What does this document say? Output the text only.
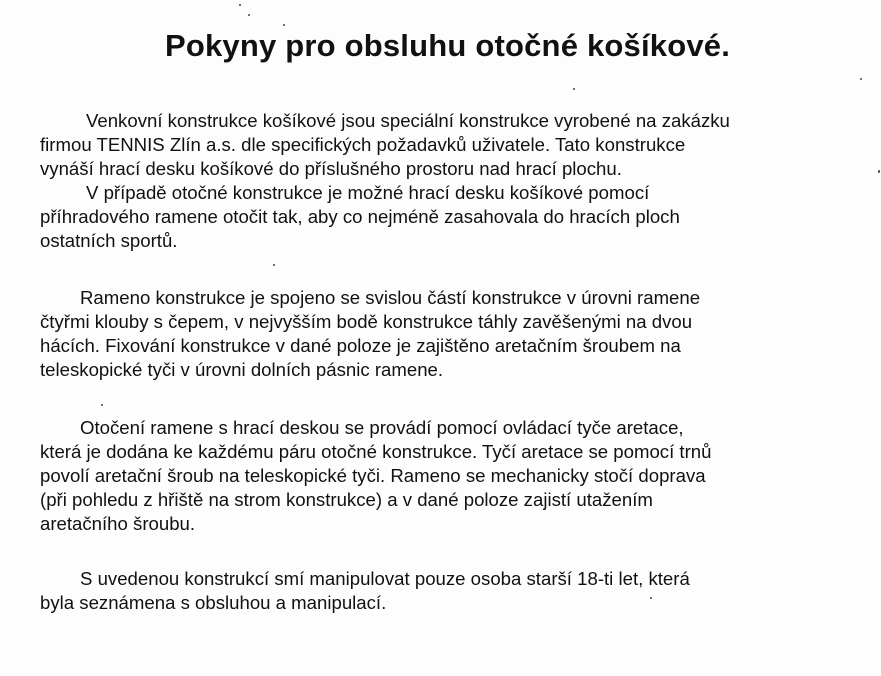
Pokyny pro obsluhu otočné košíkové.

Venkovní konstrukce košíkové jsou speciální konstrukce vyrobené na zakázku

firmou TENNIS Zlín a.s. dle specifických požadavků uživatele. Tato konstrukce

vynáší hrací desku košíkové do příslušného prostoru nad hrací plochu.

V případě otočné konstrukce je možné hrací desku košíkové pomocí

příhradového ramene otočit tak, aby co nejméně zasahovala do hracích ploch

ostatních sportů.

Rameno konstrukce je spojeno se svislou částí konstrukce v úrovni ramene

čtyřmi klouby s čepem, v nejvyšším bodě konstrukce táhly zavěšenými na dvou

hácích. Fixování konstrukce v dané poloze je zajištěno aretačním šroubem na

teleskopické tyči v úrovni dolních pásnic ramene.

Otočení ramene s hrací deskou se provádí pomocí ovládací tyče aretace,

která je dodána ke každému páru otočné konstrukce. Tyčí aretace se pomocí trnů

povolí aretační šroub na teleskopické tyči. Rameno se mechanicky stočí doprava

(při pohledu z hřiště na strom konstrukce) a v dané poloze zajistí utažením

aretačního šroubu.

S uvedenou konstrukcí smí manipulovat pouze osoba starší 18-ti let, která

byla seznámena s obsluhou a manipulací.
